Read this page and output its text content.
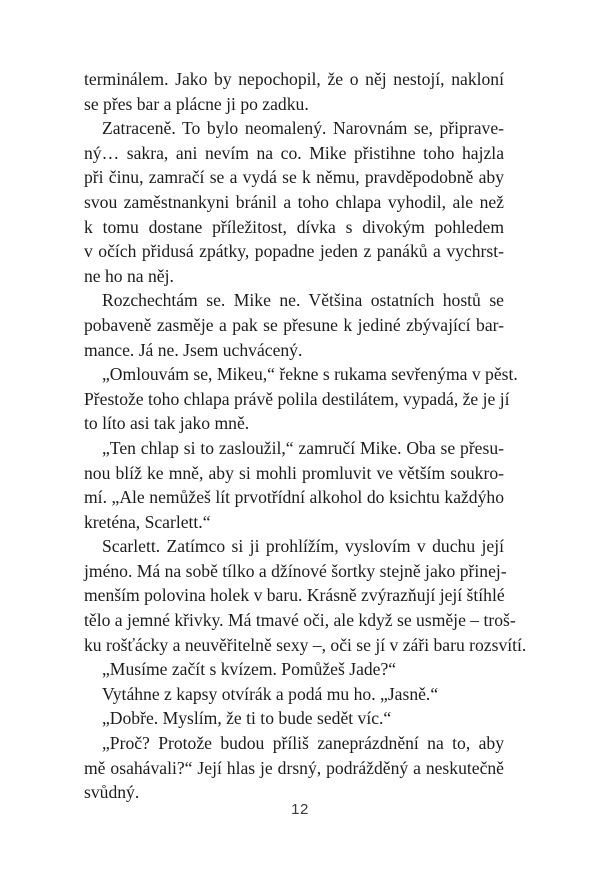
terminálem. Jako by nepochopil, že o něj nestojí, nakloní
se přes bar a plácne ji po zadku.
Zatraceně. To bylo neomalený. Narovnám se, připrave-
ný… sakra, ani nevím na co. Mike přistihne toho hajzla
při činu, zamračí se a vydá se k němu, pravděpodobně aby
svou zaměstnankyni bránil a toho chlapa vyhodil, ale než
k tomu dostane příležitost, dívka s divokým pohledem
v očích přidusá zpátky, popadne jeden z panáků a vychrst-
ne ho na něj.
Rozchechtám se. Mike ne. Většina ostatních hostů se
pobaveně zasměje a pak se přesune k jediné zbývající bar-
mance. Já ne. Jsem uchvácený.
„Omlouvám se, Mikeu,“ řekne s rukama sevřenýma v pěst.
Přestože toho chlapa právě polila destilátem, vypadá, že je jí
to líto asi tak jako mně.
„Ten chlap si to zasloužil,“ zamručí Mike. Oba se přesu-
nou blíž ke mně, aby si mohli promluvit ve větším soukro-
mí. „Ale nemůžeš lít prvotřídní alkohol do ksichtu každýho
kreténa, Scarlett.“
Scarlett. Zatímco si ji prohlížím, vyslovím v duchu její
jméno. Má na sobě tílko a džínové šortky stejně jako přinej-
menším polovina holek v baru. Krásně zvýrazňují její štíhlé
tělo a jemné křivky. Má tmavé oči, ale když se usměje – troš-
ku rošťácky a neuvěřitelně sexy –, oči se jí v záři baru rozsvítí.
„Musíme začít s kvízem. Pomůžeš Jade?“
Vytáhne z kapsy otvírák a podá mu ho. „Jasně.“
„Dobře. Myslím, že ti to bude sedět víc.“
„Proč? Protože budou příliš zaneprázdnění na to, aby
mě osahávali?“ Její hlas je drsný, podrážděný a neskutečně
svůdný.
12
